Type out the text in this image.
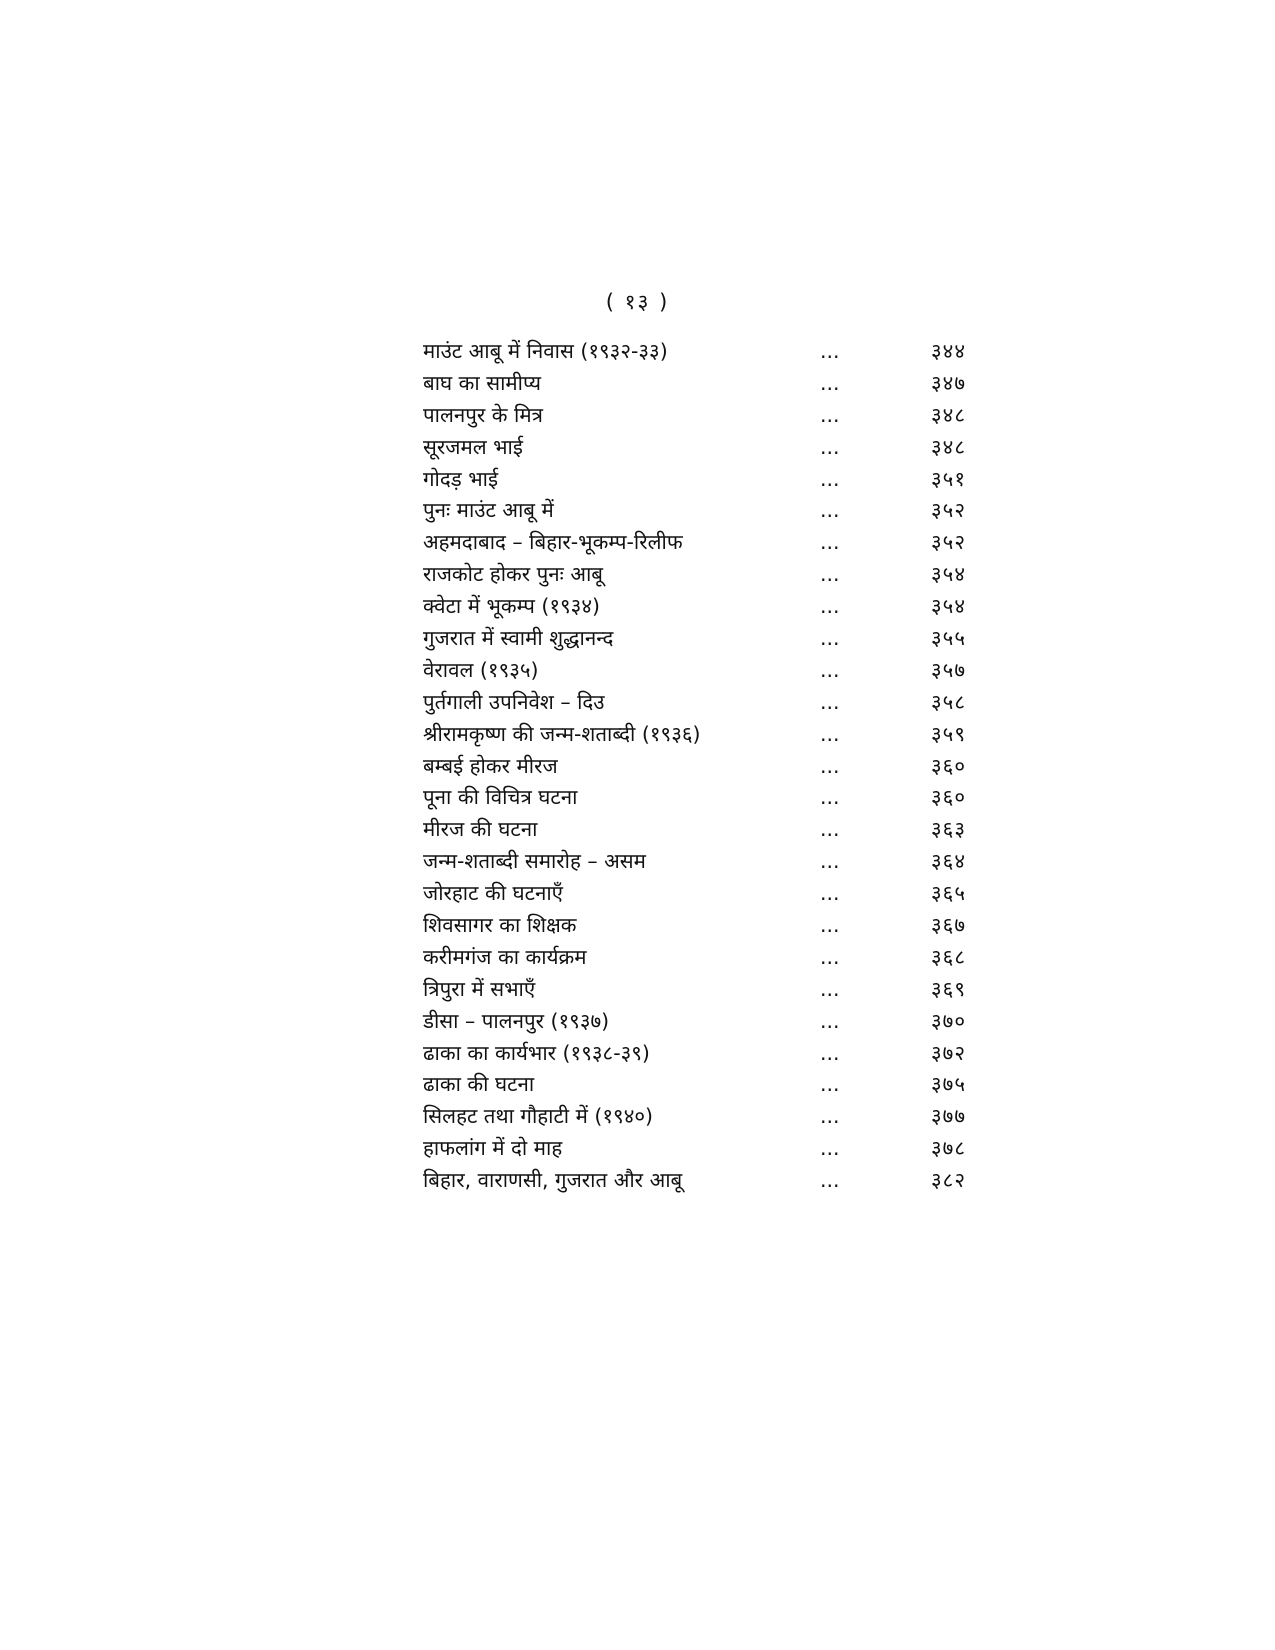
( १३ )
माउंट आबू में निवास (१९३२-३३)	...	३४४
बाघ का सामीप्य	...	३४७
पालनपुर के मित्र	...	३४८
सूरजमल भाई	...	३४८
गोदड़ भाई	...	३५१
पुनः माउंट आबू में	...	३५२
अहमदाबाद – बिहार-भूकम्प-रिलीफ	...	३५२
राजकोट होकर पुनः आबू	...	३५४
क्वेटा में भूकम्प (१९३४)	...	३५४
गुजरात में स्वामी शुद्धानन्द	...	३५५
वेरावल (१९३५)	...	३५७
पुर्तगाली उपनिवेश – दिउ	...	३५८
श्रीरामकृष्ण की जन्म-शताब्दी (१९३६)	...	३५९
बम्बई होकर मीरज	...	३६०
पूना की विचित्र घटना	...	३६०
मीरज की घटना	...	३६३
जन्म-शताब्दी समारोह – असम	...	३६४
जोरहाट की घटनाएँ	...	३६५
शिवसागर का शिक्षक	...	३६७
करीमगंज का कार्यक्रम	...	३६८
त्रिपुरा में सभाएँ	...	३६९
डीसा – पालनपुर (१९३७)	...	३७०
ढाका का कार्यभार (१९३८-३९)	...	३७२
ढाका की घटना	...	३७५
सिलहट तथा गौहाटी में (१९४०)	...	३७७
हाफलांग में दो माह	...	३७८
बिहार, वाराणसी, गुजरात और आबू	...	३८२
